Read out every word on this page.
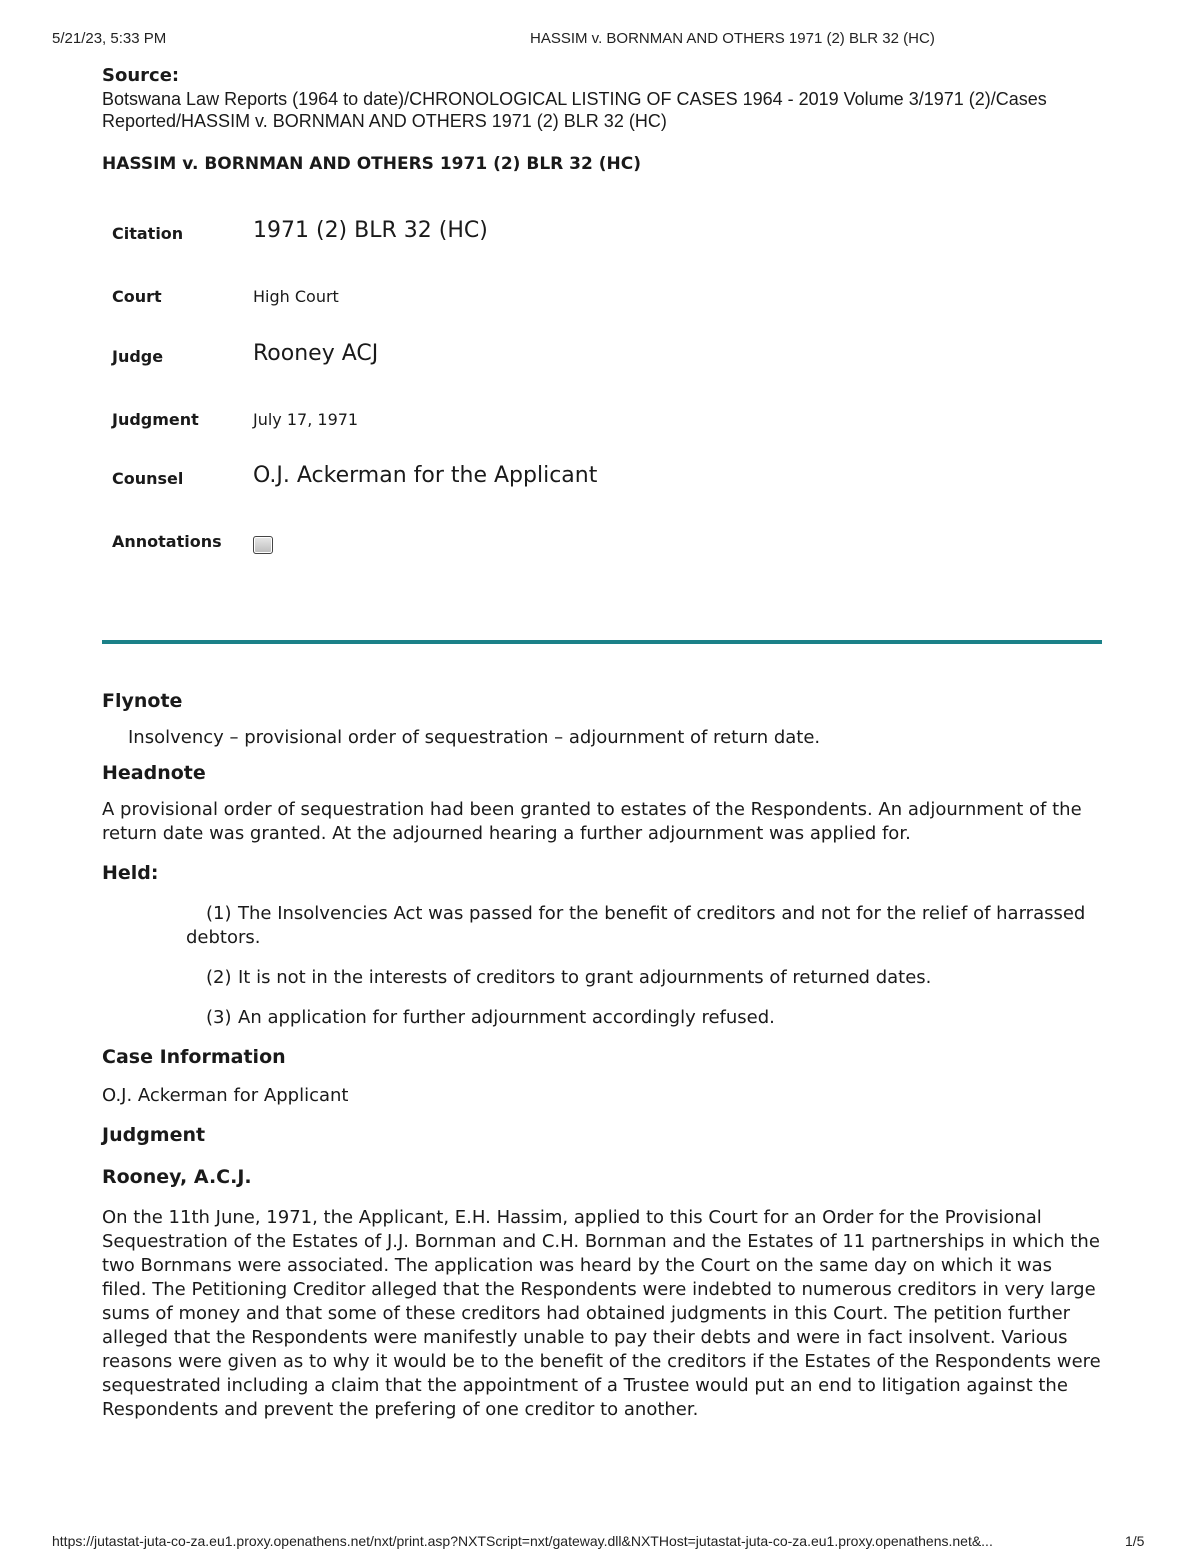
5/21/23, 5:33 PM	HASSIM v. BORNMAN AND OTHERS 1971 (2) BLR 32 (HC)

Source:

Botswana Law Reports (1964 to date)/CHRONOLOGICAL LISTING OF CASES 1964 - 2019 Volume 3/1971 (2)/Cases Reported/HASSIM v. BORNMAN AND OTHERS 1971 (2) BLR 32 (HC)

HASSIM v. BORNMAN AND OTHERS 1971 (2) BLR 32 (HC)

Citation	1971 (2) BLR 32 (HC)
Court	High Court
Judge	Rooney ACJ
Judgment	July 17, 1971
Counsel	O.J. Ackerman for the Applicant
Annotations

Flynote

Insolvency – provisional order of sequestration – adjournment of return date.

Headnote

A provisional order of sequestration had been granted to estates of the Respondents. An adjournment of the return date was granted. At the adjourned hearing a further adjournment was applied for.

Held:

(1) The Insolvencies Act was passed for the benefit of creditors and not for the relief of harrassed debtors.

(2) It is not in the interests of creditors to grant adjournments of returned dates.

(3) An application for further adjournment accordingly refused.

Case Information

O.J. Ackerman for Applicant

Judgment

Rooney, A.C.J.

On the 11th June, 1971, the Applicant, E.H. Hassim, applied to this Court for an Order for the Provisional Sequestration of the Estates of J.J. Bornman and C.H. Bornman and the Estates of 11 partnerships in which the two Bornmans were associated. The application was heard by the Court on the same day on which it was filed. The Petitioning Creditor alleged that the Respondents were indebted to numerous creditors in very large sums of money and that some of these creditors had obtained judgments in this Court. The petition further alleged that the Respondents were manifestly unable to pay their debts and were in fact insolvent. Various reasons were given as to why it would be to the benefit of the creditors if the Estates of the Respondents were sequestrated including a claim that the appointment of a Trustee would put an end to litigation against the Respondents and prevent the prefering of one creditor to another.

https://jutastat-juta-co-za.eu1.proxy.openathens.net/nxt/print.asp?NXTScript=nxt/gateway.dll&NXTHost=jutastat-juta-co-za.eu1.proxy.openathens.net&...	1/5
